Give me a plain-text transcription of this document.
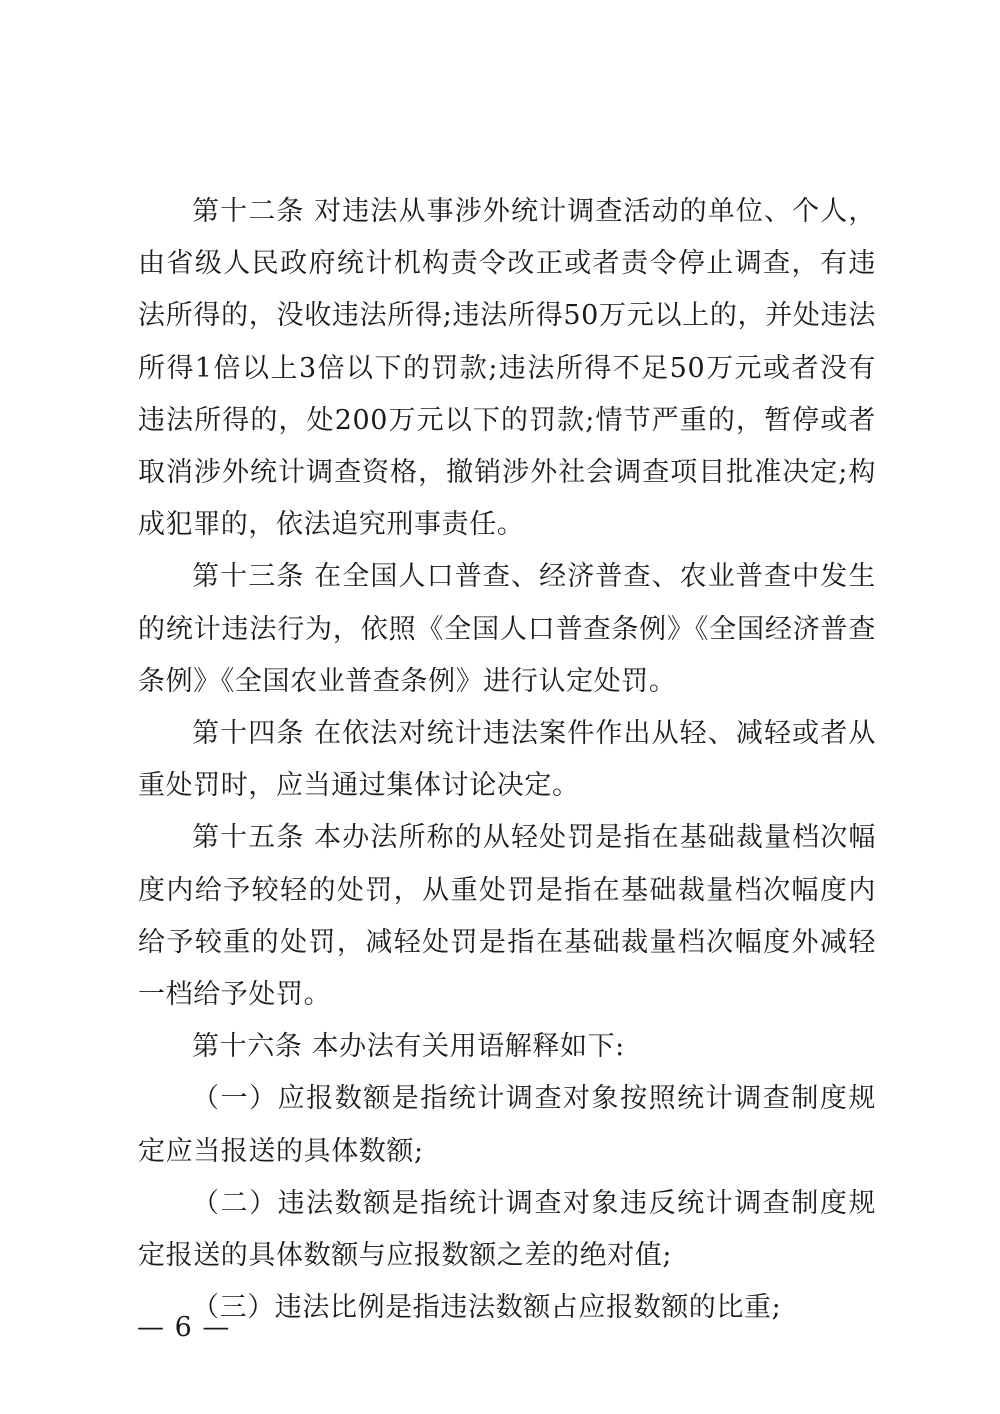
第十二条 对违法从事涉外统计调查活动的单位、个人，由省级人民政府统计机构责令改正或者责令停止调查，有违法所得的，没收违法所得;违法所得50万元以上的，并处违法所得1倍以上3倍以下的罚款;违法所得不足50万元或者没有违法所得的，处200万元以下的罚款;情节严重的，暂停或者取消涉外统计调查资格，撤销涉外社会调查项目批准决定;构成犯罪的，依法追究刑事责任。

第十三条 在全国人口普查、经济普查、农业普查中发生的统计违法行为，依照《全国人口普查条例》《全国经济普查条例》《全国农业普查条例》进行认定处罚。

第十四条 在依法对统计违法案件作出从轻、减轻或者从重处罚时，应当通过集体讨论决定。

第十五条 本办法所称的从轻处罚是指在基础裁量档次幅度内给予较轻的处罚，从重处罚是指在基础裁量档次幅度内给予较重的处罚，减轻处罚是指在基础裁量档次幅度外减轻一档给予处罚。

第十六条 本办法有关用语解释如下:

（一）应报数额是指统计调查对象按照统计调查制度规定应当报送的具体数额;

（二）违法数额是指统计调查对象违反统计调查制度规定报送的具体数额与应报数额之差的绝对值;

（三）违法比例是指违法数额占应报数额的比重;

— 6 —
